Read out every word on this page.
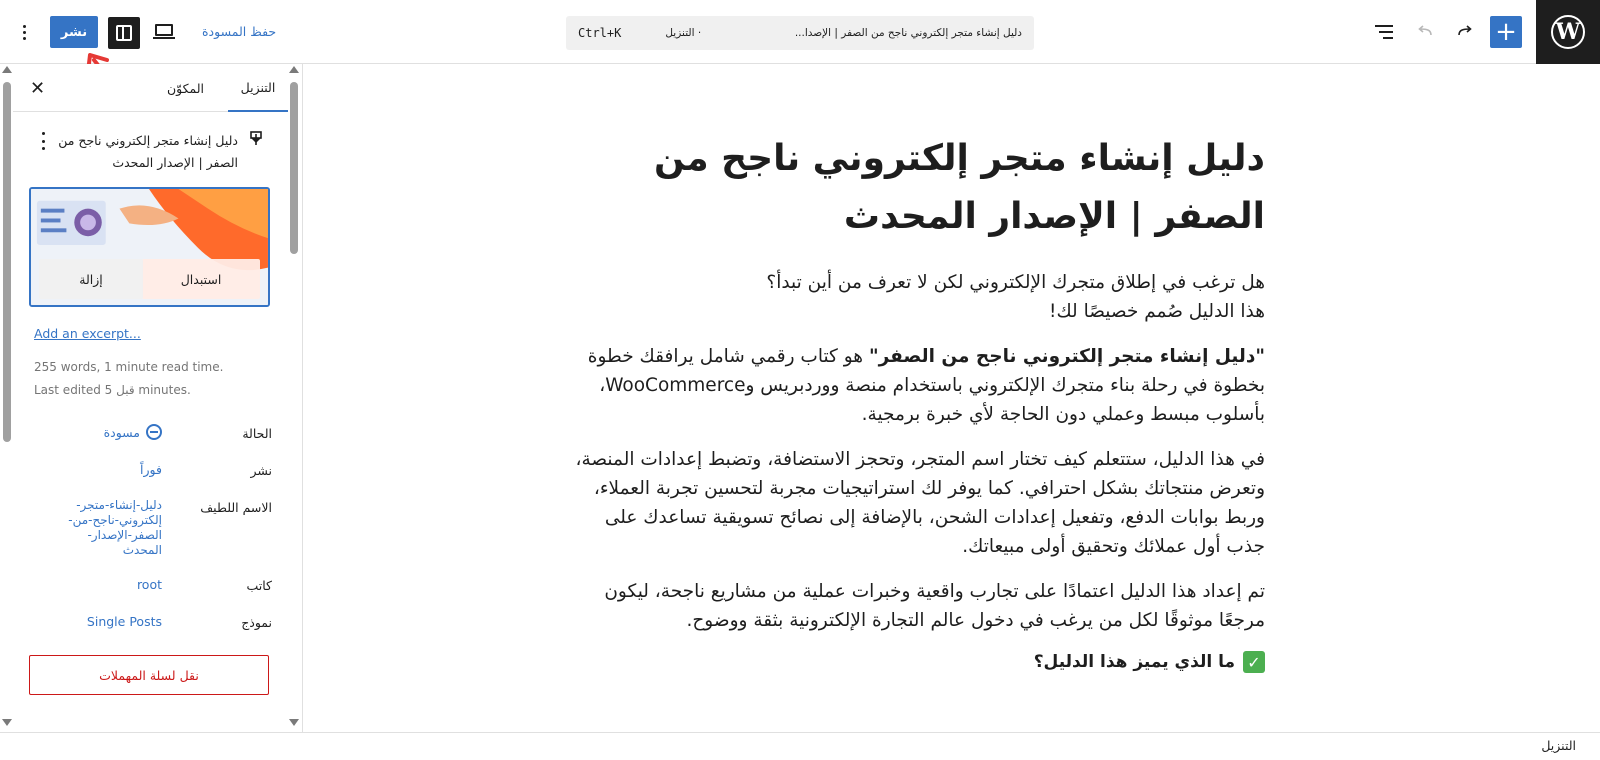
W
+
Ctrl+K	· التنزيل	دليل إنشاء متجر إلكتروني ناجح من الصفر | الإصدا...
حفظ المسودة
نشر
التنزيل
المكوّن
✕
دليل إنشاء متجر إلكتروني ناجح من الصفر | الإصدار المحدث
استبدال
إزالة
Add an excerpt...
255 words, 1 minute read time.
Last edited قبل 5 minutes.
الحالة
مسودة
نشر
فوراً
الاسم اللطيف
دليل-إنشاء-متجر-إلكتروني-ناجح-من-الصفر-الإصدار-المحدث
كاتب
root
نموذج
Single Posts
نقل لسلة المهملات
دليل إنشاء متجر إلكتروني ناجح من الصفر | الإصدار المحدث

هل ترغب في إطلاق متجرك الإلكتروني لكن لا تعرف من أين تبدأ؟
هذا الدليل صُمم خصيصًا لك!

"دليل إنشاء متجر إلكتروني ناجح من الصفر" هو كتاب رقمي شامل يرافقك خطوة بخطوة في رحلة بناء متجرك الإلكتروني باستخدام منصة ووردبريس وWooCommerce، بأسلوب مبسط وعملي دون الحاجة لأي خبرة برمجية.

في هذا الدليل، ستتعلم كيف تختار اسم المتجر، وتحجز الاستضافة، وتضبط إعدادات المنصة، وتعرض منتجاتك بشكل احترافي. كما يوفر لك استراتيجيات مجربة لتحسين تجربة العملاء، وربط بوابات الدفع، وتفعيل إعدادات الشحن، بالإضافة إلى نصائح تسويقية تساعدك على جذب أول عملائك وتحقيق أولى مبيعاتك.

تم إعداد هذا الدليل اعتمادًا على تجارب واقعية وخبرات عملية من مشاريع ناجحة، ليكون مرجعًا موثوقًا لكل من يرغب في دخول عالم التجارة الإلكترونية بثقة ووضوح.

✓
ما الذي يميز هذا الدليل؟
التنزيل
